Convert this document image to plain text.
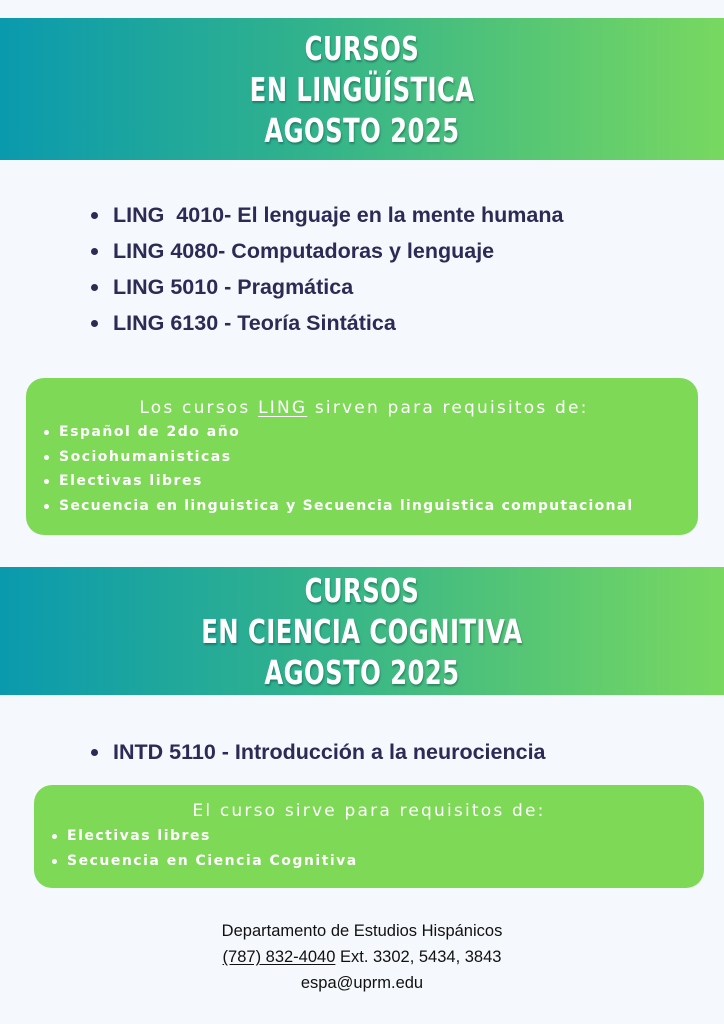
CURSOS
EN LINGÜÍSTICA
AGOSTO 2025
LING  4010- El lenguaje en la mente humana
LING 4080- Computadoras y lenguaje
LING 5010 - Pragmática
LING 6130 - Teoría Sintática
Los cursos LING sirven para requisitos de:
Español de 2do año
Sociohumanisticas
Electivas libres
Secuencia en linguistica y Secuencia linguistica computacional
CURSOS
EN CIENCIA COGNITIVA
AGOSTO 2025
INTD 5110 - Introducción a la neurociencia
El curso sirve para requisitos de:
Electivas libres
Secuencia en Ciencia Cognitiva
Departamento de Estudios Hispánicos
(787) 832-4040 Ext. 3302, 5434, 3843
espa@uprm.edu
